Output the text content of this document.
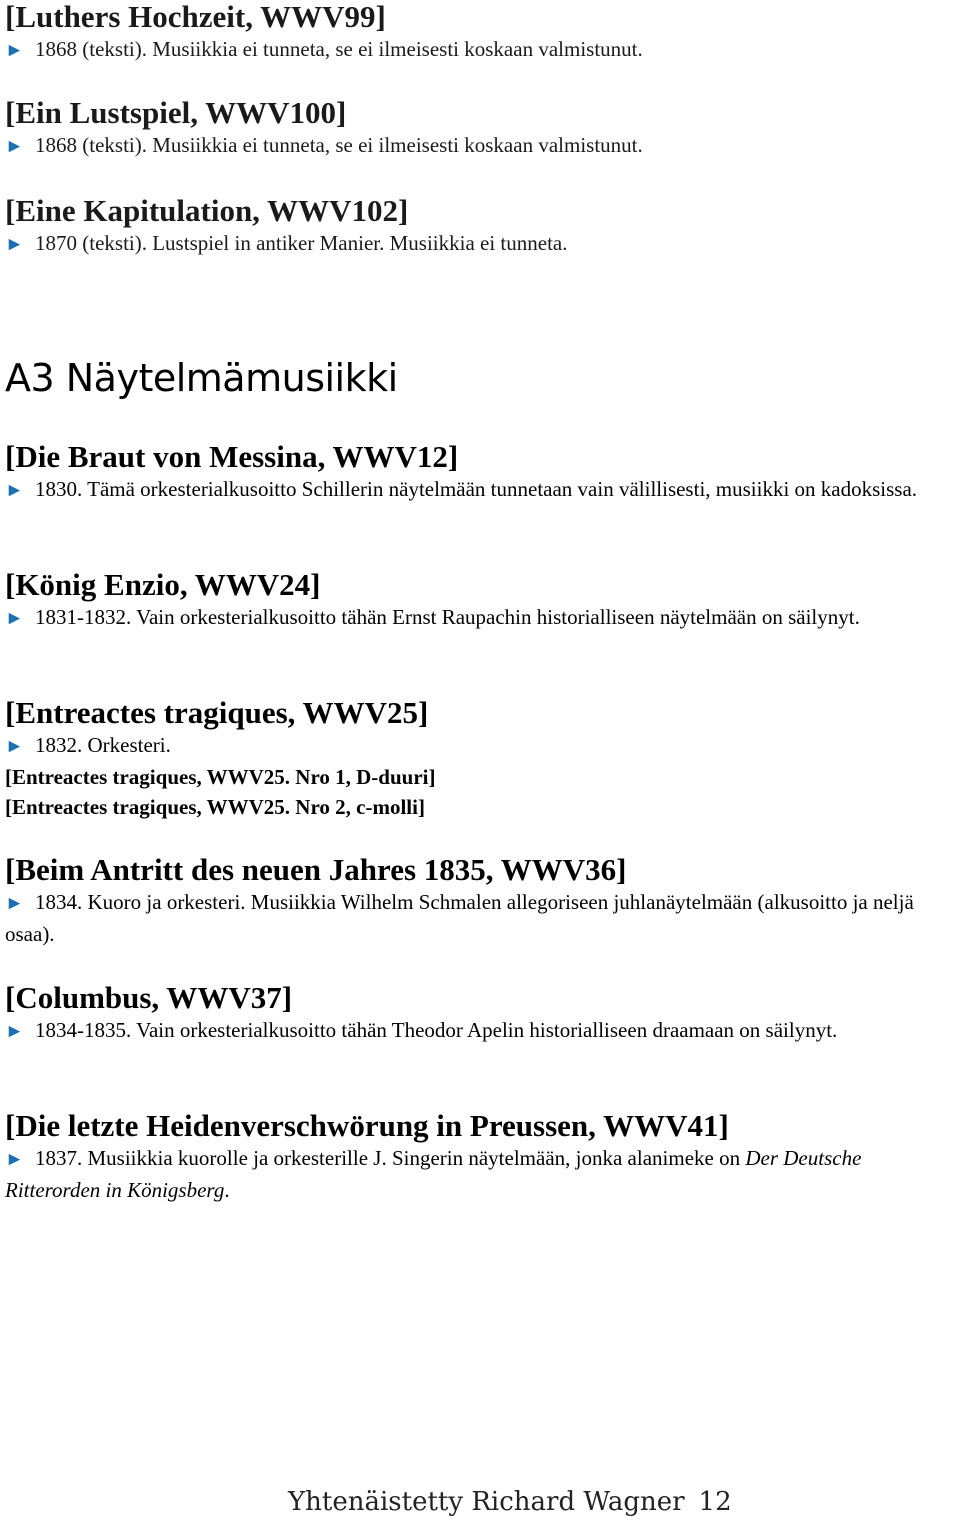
[Luthers Hochzeit, WWV99]

► 1868 (teksti). Musiikkia ei tunneta, se ei ilmeisesti koskaan valmistunut.

[Ein Lustspiel, WWV100]

► 1868 (teksti). Musiikkia ei tunneta, se ei ilmeisesti koskaan valmistunut.

[Eine Kapitulation, WWV102]

► 1870 (teksti). Lustspiel in antiker Manier. Musiikkia ei tunneta.

A3 Näytelmämusiikki
[Die Braut von Messina, WWV12]

► 1830. Tämä orkesterialkusoitto Schillerin näytelmään tunnetaan vain välillisesti, musiikki on kadoksissa.

[König Enzio, WWV24]

► 1831-1832. Vain orkesterialkusoitto tähän Ernst Raupachin historialliseen näytelmään on säilynyt.

[Entreactes tragiques, WWV25]

► 1832. Orkesteri.

[Entreactes tragiques, WWV25. Nro 1, D-duuri]

[Entreactes tragiques, WWV25. Nro 2, c-molli]

[Beim Antritt des neuen Jahres 1835, WWV36]

► 1834. Kuoro ja orkesteri. Musiikkia Wilhelm Schmalen allegoriseen juhlanäytelmään (alkusoitto ja neljä osaa).

[Columbus, WWV37]

► 1834-1835. Vain orkesterialkusoitto tähän Theodor Apelin historialliseen draamaan on säilynyt.

[Die letzte Heidenverschwörung in Preussen, WWV41]

► 1837. Musiikkia kuorolle ja orkesterille J. Singerin näytelmään, jonka alanimeke on Der Deutsche Ritterorden in Königsberg.

Yhtenäistetty Richard Wagner 12
